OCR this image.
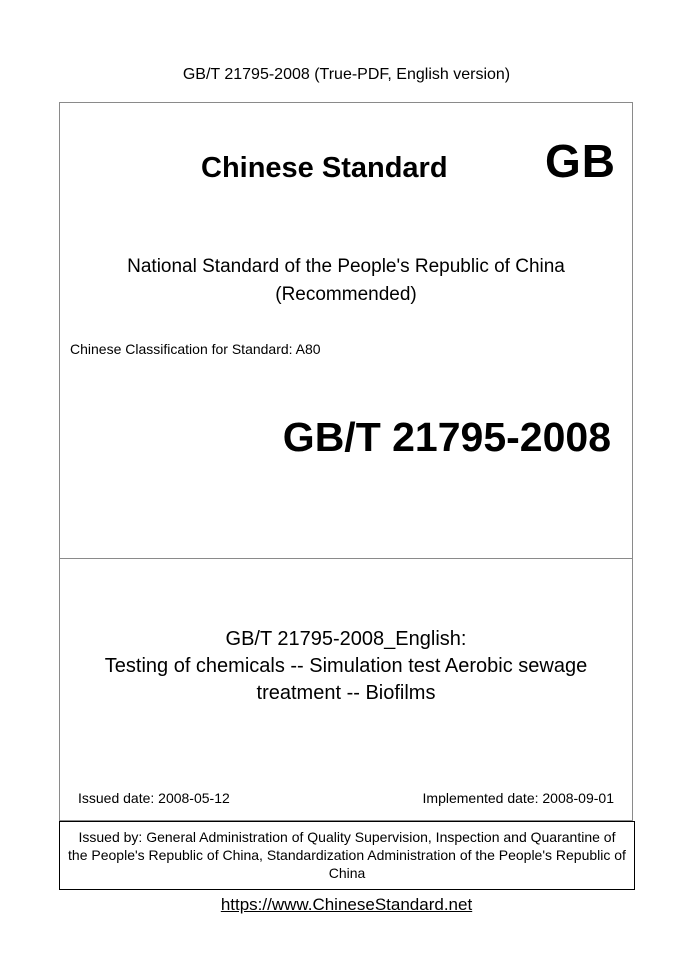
GB/T 21795-2008 (True-PDF, English version)
Chinese Standard GB
National Standard of the People's Republic of China
(Recommended)
Chinese Classification for Standard: A80
GB/T 21795-2008
GB/T 21795-2008_English:
Testing of chemicals -- Simulation test Aerobic sewage
treatment -- Biofilms
Issued date: 2008-05-12	Implemented date: 2008-09-01
Issued by: General Administration of Quality Supervision, Inspection and Quarantine of
the People's Republic of China, Standardization Administration of the People's Republic of
China
https://www.ChineseStandard.net
